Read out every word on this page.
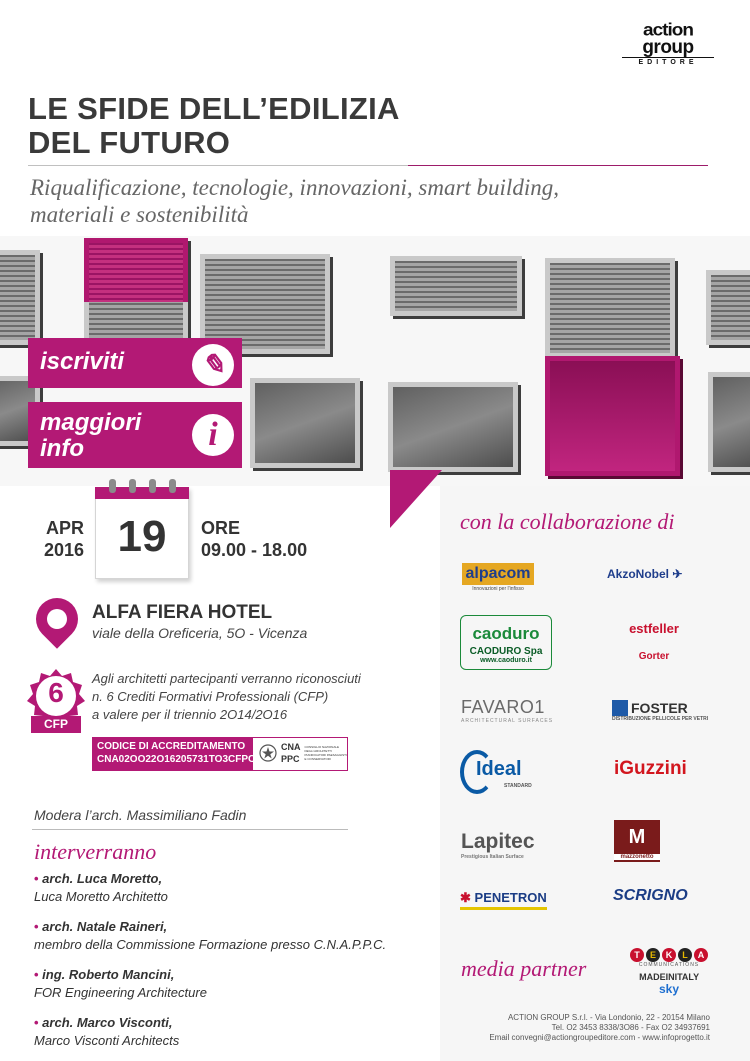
action
group
EDITORE
LE SFIDE DELL’EDILIZIA
DEL FUTURO
Riqualificazione, tecnologie, innovazioni, smart building,
materiali e sostenibilità
iscriviti	✎
maggiori
info	i
APR
2016 19	ORE
09.00 - 18.00
ALFA FIERA HOTEL
viale della Oreficeria, 5O - Vicenza
6
CFP
Agli architetti partecipanti verranno riconosciuti
n. 6 Crediti Formativi Professionali (CFP)
a valere per il triennio 2O14/2O16
CODICE DI ACCREDITAMENTO
CNA02OO22O16205731TO3CFPOO6OO
CNA
PPC
CONSIGLIO NAZIONALE DEGLI ARCHITETTI PIANIFICATORI PAESAGGISTI E CONSERVATORI
Modera l’arch. Massimiliano Fadin
interverranno
• arch. Luca Moretto,
Luca Moretto Architetto
• arch. Natale Raineri,
membro della Commissione Formazione presso C.N.A.P.P.C.
• ing. Roberto Mancini,
FOR Engineering Architecture
• arch. Marco Visconti,
Marco Visconti Architects
con la collaborazione di
alpacom
Innovazioni per l'infisso
AkzoNobel ✈
caoduro
CAODURO Spa
www.caoduro.it
estfeller
Gorter
FAVARO1
ARCHITECTURAL SURFACES
FOSTER
DISTRIBUZIONE PELLICOLE PER VETRI
Ideal
STANDARD
iGuzzini
Lapitec
Prestigious Italian Surface
M
mazzonetto
✱ PENETRON	SCRIGNO
media partner
T	E	K	L	A
COMMUNICATIONS
MADEINITALY sky
ACTION GROUP S.r.l. - Via Londonio, 22 - 20154 Milano
Tel. O2 3453 8338/3O86 - Fax O2 34937691
Email convegni@actiongroupeditore.com - www.infoprogetto.it
